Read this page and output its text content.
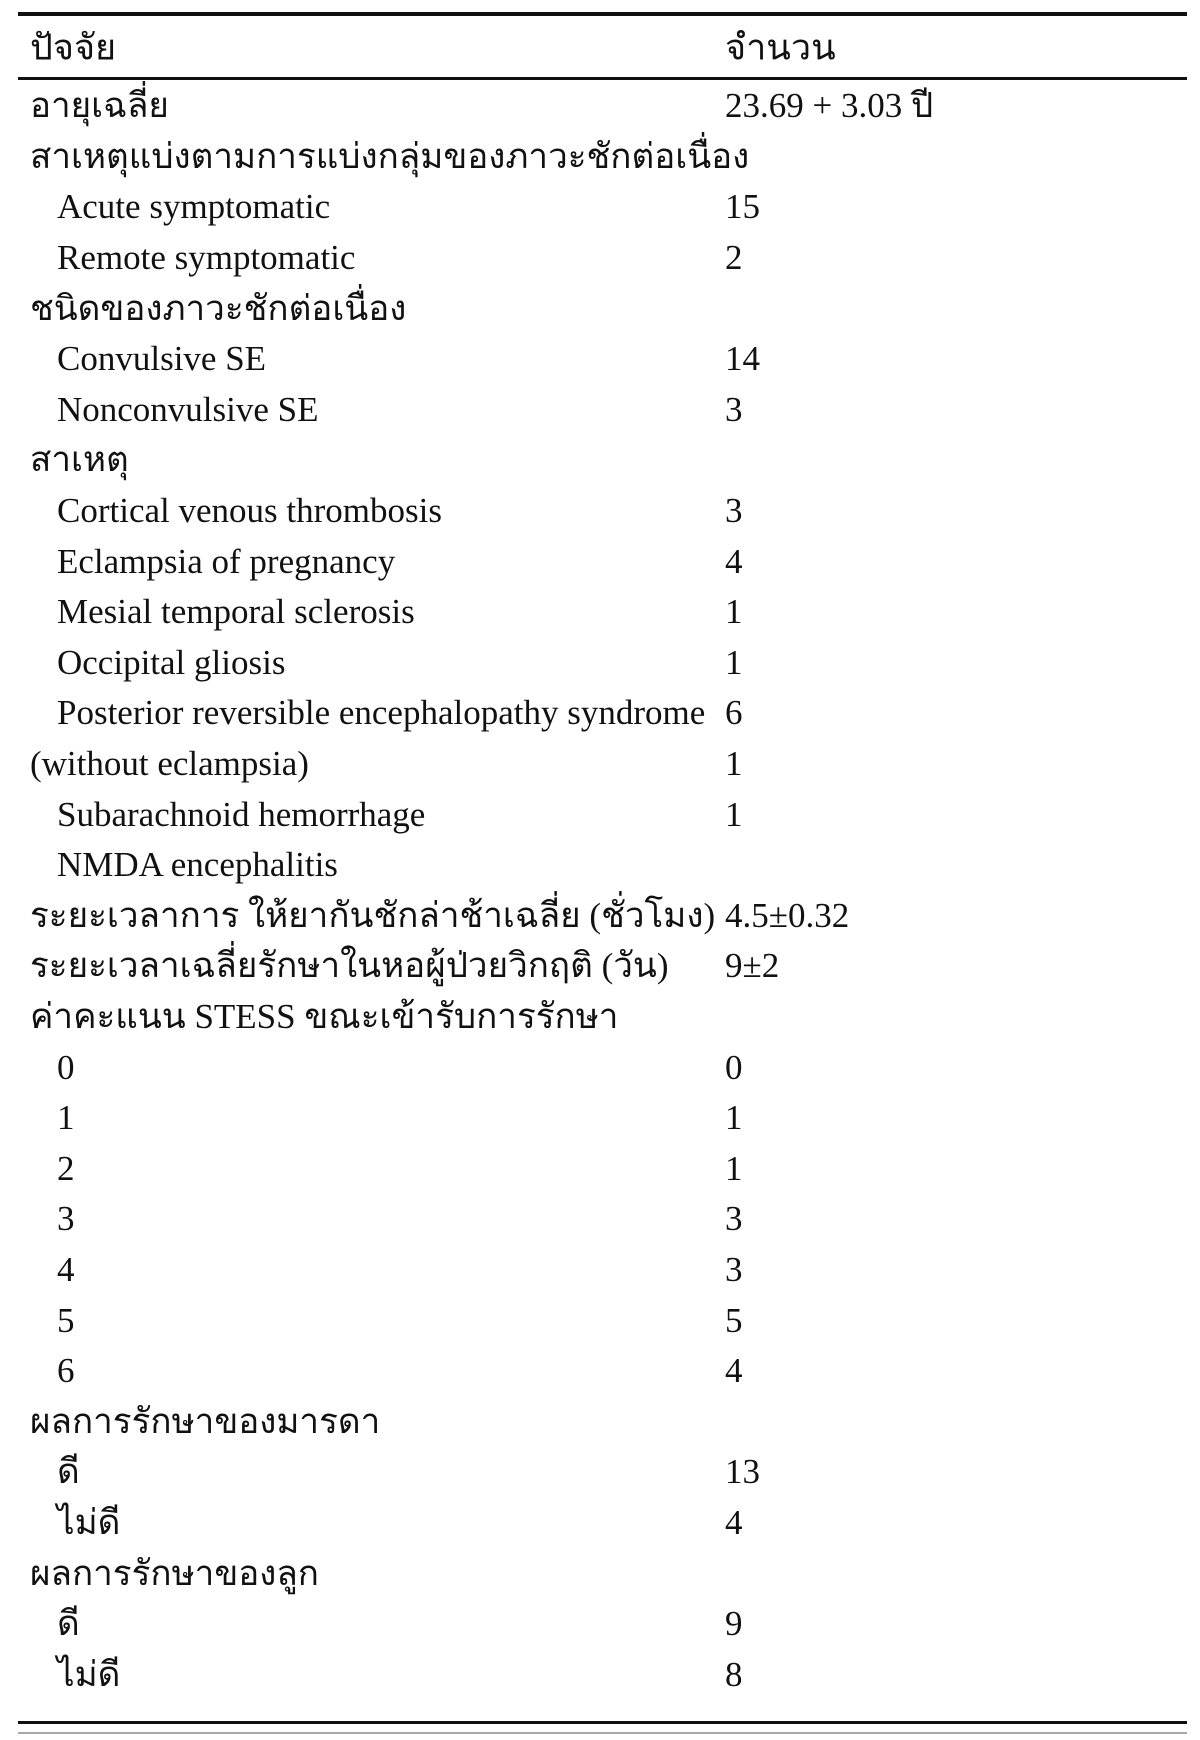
ปัจจัย	จำนวน
อายุเฉลี่ย	23.69 + 3.03 ปี
สาเหตุแบ่งตามการแบ่งกลุ่มของภาวะชักต่อเนื่อง
Acute symptomatic	15
Remote symptomatic	2
ชนิดของภาวะชักต่อเนื่อง
Convulsive SE	14
Nonconvulsive SE	3
สาเหตุ
Cortical venous thrombosis	3
Eclampsia of pregnancy	4
Mesial temporal sclerosis	1
Occipital gliosis	1
Posterior reversible encephalopathy syndrome 6
(without eclampsia)	1
Subarachnoid hemorrhage	1
NMDA encephalitis
ระยะเวลาการ ให้ยากันชักล่าช้าเฉลี่ย (ชั่วโมง) 4.5±0.32
ระยะเวลาเฉลี่ยรักษาในหอผู้ป่วยวิกฤติ (วัน) 9±2
ค่าคะแนน STESS ขณะเข้ารับการรักษา
0	0
1	1
2	1
3	3
4	3
5	5
6	4
ผลการรักษาของมารดา
ดี	13
ไม่ดี	4
ผลการรักษาของลูก
ดี	9
ไม่ดี	8
